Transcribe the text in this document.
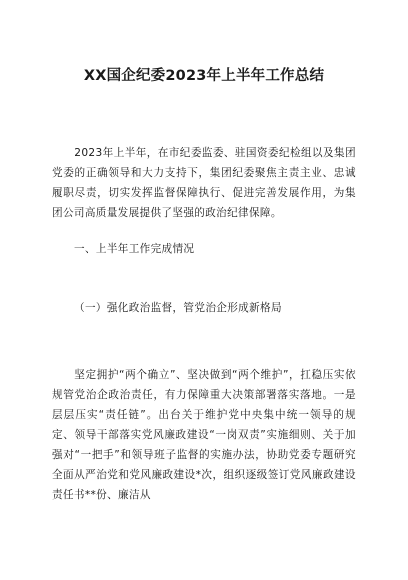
XX国企纪委2023年上半年工作总结

2023年上半年，在市纪委监委、驻国资委纪检组以及集团党委的正确领导和大力支持下，集团纪委聚焦主责主业、忠诚履职尽责，切实发挥监督保障执行、促进完善发展作用，为集团公司高质量发展提供了坚强的政治纪律保障。

一、上半年工作完成情况
（一）强化政治监督，管党治企形成新格局

坚定拥护“两个确立”、坚决做到“两个维护”，扛稳压实依规管党治企政治责任，有力保障重大决策部署落实落地。一是层层压实“责任链”。出台关于维护党中央集中统一领导的规定、领导干部落实党风廉政建设“一岗双责”实施细则、关于加强对“一把手”和领导班子监督的实施办法，协助党委专题研究全面从严治党和党风廉政建设*次，组织逐级签订党风廉政建设责任书**份、廉洁从
